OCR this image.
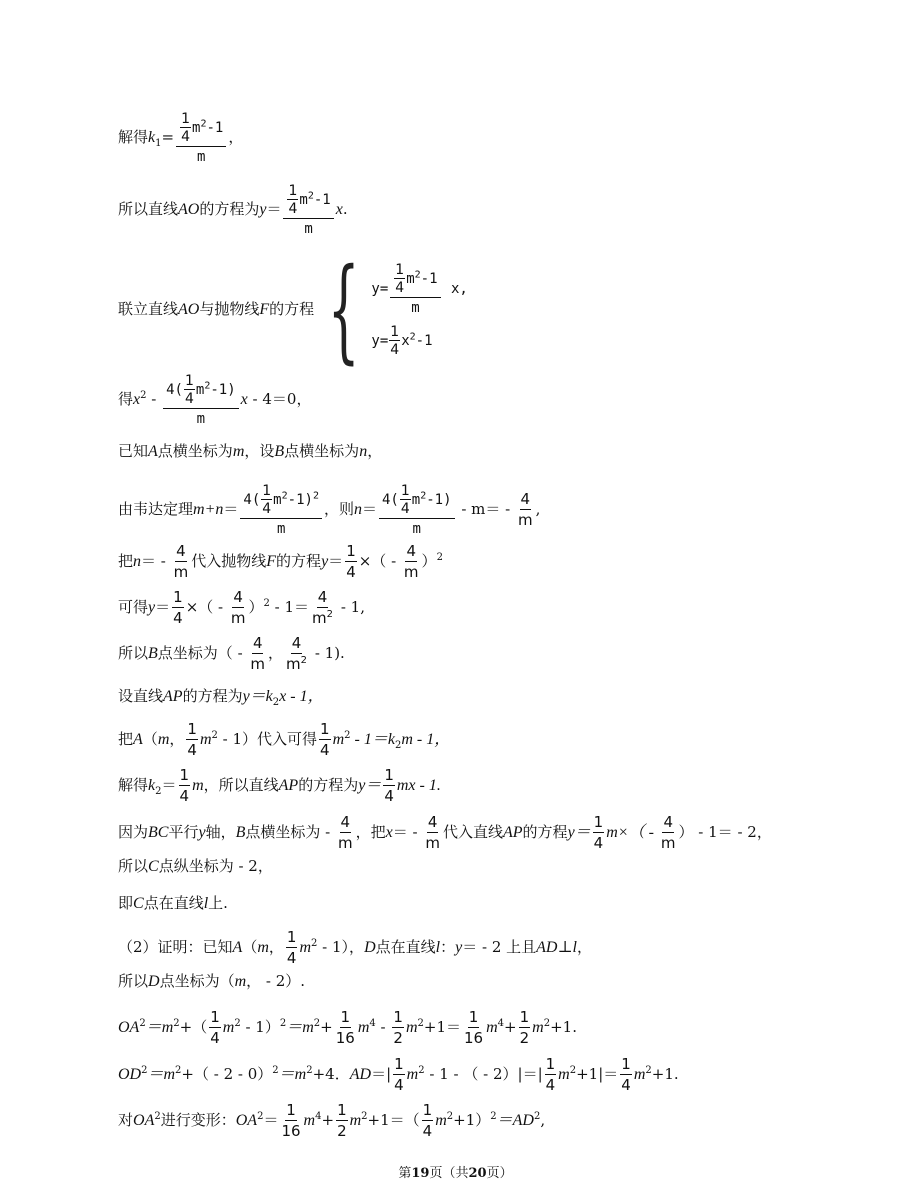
解得$k_1= \frac{\frac{1}{4} m^2-1}{m}$ ，
所以直线AO的方程为$y= \frac{\frac{1}{4} m^2-1}{m} x$.
联立直线AO与抛物线F的方程 { $y= \frac{\frac{1}{4} m^2-1}{m} x$,
$y= \frac{1}{4} x^2-1$
得$x^2 - \frac{4( \frac{1}{4} m^2-1)}{m}$ x - 4＝0，
已知A点横坐标为m，设B点横坐标为n，
由韦达定理$m+n= \frac{4( \frac{1}{4} m^2-1)^2}{m}$ ，则$n= \frac{4( \frac{1}{4} m^2-1)}{m} - m= - \frac{4}{m}$ ,
把$n= - \frac{4}{m}$ 代入抛物线F的方程$y= \frac{1}{4}$ ×（ - $\frac{4}{m} )^2$
可得$y= \frac{1}{4}$ ×（ - $\frac{4}{m} )^2 - 1= \frac{4}{m^2} - 1$,
所以B点坐标为（ - $\frac{4}{m}$ ， $\frac{4}{m^2} - 1$).
设直线AP的方程为$y=k_2x - 1$，
把A（m， $\frac{1}{4} m^2 - 1$）代入可得 $\frac{1}{4} m^2 - 1=k_2m - 1$，
解得$k_2= \frac{1}{4}$ m，所以直线AP的方程为$y= \frac{1}{4}$ mx - 1.
因为BC平行y轴，B点横坐标为 - $\frac{4}{m}$ ，把$x= - \frac{4}{m}$ 代入直线AP的方程$y= \frac{1}{4} m\times( - \frac{4}{m}$ ） - 1＝ - 2，
所以C点纵坐标为 - 2，
即C点在直线l上.
（2）证明：已知A（m， $\frac{1}{4} m^2 - 1$），D点在直线l：y＝ - 2 上且AD⊥l，
所以D点坐标为（m， - 2）.
$OA^2=m^2+( \frac{1}{4} m^2 - 1)^2=m^2+ \frac{1}{16} m^4 - \frac{1}{2} m^2+1= \frac{1}{16} m^4+ \frac{1}{2} m^2+1$.
$OD^2=m^2+( - 2 - 0)^2=m^2+4$．$AD=| \frac{1}{4} m^2 - 1$ - （ - $2)|=| \frac{1}{4} m^2+1|= \frac{1}{4} m^2+1$.
对$OA^2$进行变形：$OA^2= \frac{1}{16} m^4+ \frac{1}{2} m^2+1=( \frac{1}{4} m^2+1)^2=AD^2$,
第19页（共20页）
